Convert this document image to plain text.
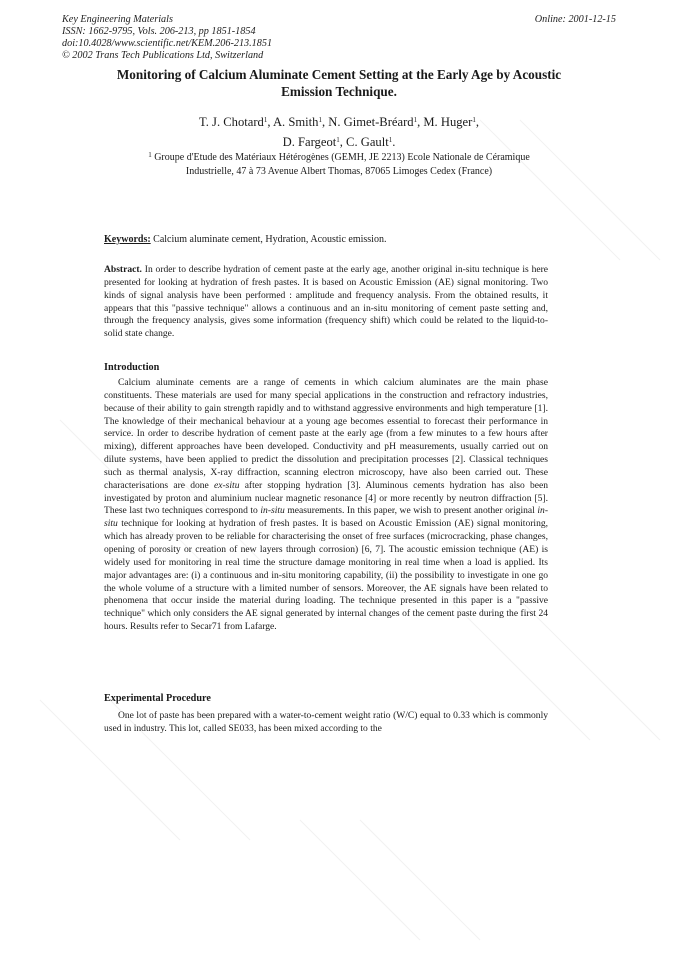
Key Engineering Materials
ISSN: 1662-9795, Vols. 206-213, pp 1851-1854
doi:10.4028/www.scientific.net/KEM.206-213.1851
© 2002 Trans Tech Publications Ltd, Switzerland
Online: 2001-12-15
Monitoring of Calcium Aluminate Cement Setting at the Early Age by Acoustic Emission Technique.
T. J. Chotard$^1$, A. Smith$^1$, N. Gimet-Bréard$^1$, M. Huger$^1$,
D. Fargeot$^1$, C. Gault$^1$.
$^1$ Groupe d'Etude des Matériaux Hétérogènes (GEMH, JE 2213) Ecole Nationale de Céramique
Industrielle, 47 à 73 Avenue Albert Thomas, 87065 Limoges Cedex (France)
Keywords: Calcium aluminate cement, Hydration, Acoustic emission.
Abstract. In order to describe hydration of cement paste at the early age, another original in-situ technique is here presented for looking at hydration of fresh pastes. It is based on Acoustic Emission (AE) signal monitoring. Two kinds of signal analysis have been performed : amplitude and frequency analysis. From the obtained results, it appears that this "passive technique" allows a continuous and an in-situ monitoring of cement paste setting and, through the frequency analysis, gives some information (frequency shift) which could be related to the liquid-to-solid state change.
Introduction
Calcium aluminate cements are a range of cements in which calcium aluminates are the main phase constituents. These materials are used for many special applications in the construction and refractory industries, because of their ability to gain strength rapidly and to withstand aggressive environments and high temperature [1]. The knowledge of their mechanical behaviour at a young age becomes essential to forecast their performance in service. In order to describe hydration of cement paste at the early age (from a few minutes to a few hours after mixing), different approaches have been developed. Conductivity and pH measurements, usually carried out on dilute systems, have been applied to predict the dissolution and precipitation processes [2]. Classical techniques such as thermal analysis, X-ray diffraction, scanning electron microscopy, have also been carried out. These characterisations are done ex-situ after stopping hydration [3]. Aluminous cements hydration has also been investigated by proton and aluminium nuclear magnetic resonance [4] or more recently by neutron diffraction [5]. These last two techniques correspond to in-situ measurements. In this paper, we wish to present another original in-situ technique for looking at hydration of fresh pastes. It is based on Acoustic Emission (AE) signal monitoring, which has already proven to be reliable for characterising the onset of free surfaces (microcracking, phase changes, opening of porosity or creation of new layers through corrosion) [6, 7]. The acoustic emission technique (AE) is widely used for monitoring in real time the structure damage monitoring in real time when a load is applied. Its major advantages are: (i) a continuous and in-situ monitoring capability, (ii) the possibility to investigate in one go the whole volume of a structure with a limited number of sensors. Moreover, the AE signals have been related to phenomena that occur inside the material during loading. The technique presented in this paper is a "passive technique" which only considers the AE signal generated by internal changes of the cement paste during the first 24 hours. Results refer to Secar71 from Lafarge.
Experimental Procedure
One lot of paste has been prepared with a water-to-cement weight ratio (W/C) equal to 0.33 which is commonly used in industry. This lot, called SE033, has been mixed according to the
